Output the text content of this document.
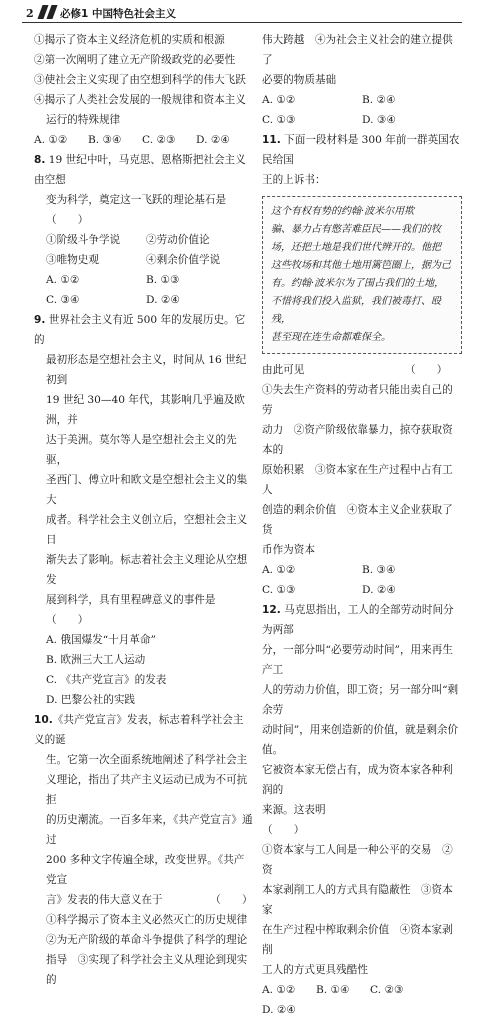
2	必修1 中国特色社会主义

①揭示了资本主义经济危机的实质和根源

②第一次阐明了建立无产阶级政党的必要性

③使社会主义实现了由空想到科学的伟大飞跃

④揭示了人类社会发展的一般规律和资本主义

运行的特殊规律

A. ①② B. ③④ C. ②③ D. ②④

8. 19 世纪中叶，马克思、恩格斯把社会主义由空想

变为科学，奠定这一飞跃的理论基石是（　　）

①阶级斗争学说 ②劳动价值论

③唯物史观	④剩余价值学说

A. ①②	B. ①③

C. ③④	D. ②④

9. 世界社会主义有近 500 年的发展历史。它的

最初形态是空想社会主义，时间从 16 世纪初到

19 世纪 30—40 年代，其影响几乎遍及欧洲，并

达于美洲。莫尔等人是空想社会主义的先驱，

圣西门、傅立叶和欧文是空想社会主义的集大

成者。科学社会主义创立后，空想社会主义日

渐失去了影响。标志着社会主义理论从空想发

展到科学，具有里程碑意义的事件是　（　　）

A. 俄国爆发“十月革命”

B. 欧洲三大工人运动

C. 《共产党宣言》的发表

D. 巴黎公社的实践

10.《共产党宣言》发表，标志着科学社会主义的诞

生。它第一次全面系统地阐述了科学社会主

义理论，指出了共产主义运动已成为不可抗拒

的历史潮流。一百多年来，《共产党宣言》通过

200 多种文字传遍全球，改变世界。《共产党宣

言》发表的伟大意义在于　　　　　（　　）

①科学揭示了资本主义必然灭亡的历史规律

②为无产阶级的革命斗争提供了科学的理论

指导　③实现了科学社会主义从理论到现实的

伟大跨越　④为社会主义社会的建立提供了

必要的物质基础

A. ①②	B. ②④

C. ①③	D. ③④

11. 下面一段材料是 300 年前一群英国农民给国

王的上诉书：

这个有权有势的约翰·波米尔用欺

骗、暴力占有憋苦难臣民——我们的牧

场，还把土地是我们世代辨开的。他把

这些牧场和其他土地用篱笆圈上，据为己

有。约翰·波米尔为了围占我们的土地，

不惜将我们投入监狱，我们被毒打、殴残，

甚至现在连生命都难保全。

由此可见　　　　　　　　　　（　　）

①失去生产资料的劳动者只能出卖自己的劳

动力　②资产阶级依靠暴力，掠夺获取资本的

原始积累　③资本家在生产过程中占有工人

创造的剩余价值　④资本主义企业获取了货

币作为资本

A. ①②	B. ③④

C. ①③	D. ②④

12. 马克思指出，工人的全部劳动时间分为两部

分，一部分叫“必要劳动时间”，用来再生产工

人的劳动力价值，即工资；另一部分叫“剩余劳

动时间”，用来创造新的价值，就是剩余价值。

它被资本家无偿占有，成为资本家各种利润的

来源。这表明　　　　　　　　　　（　　）

①资本家与工人间是一种公平的交易　②资

本家剥削工人的方式具有隐蔽性　③资本家

在生产过程中榨取剩余价值　④资本家剥削

工人的方式更具残酷性

A. ①② B. ①④ C. ②③D. ②④
